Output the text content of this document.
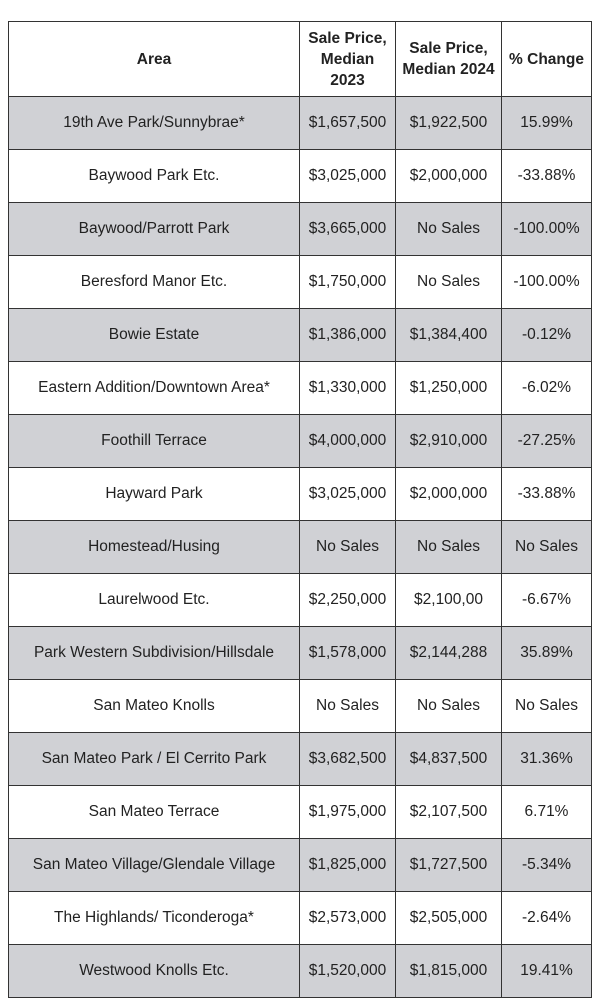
Area	Sale Price, Median 2023	Sale Price, Median 2024	% Change
19th Ave Park/Sunnybrae*	$1,657,500	$1,922,500	15.99%
Baywood Park Etc.	$3,025,000	$2,000,000	-33.88%
Baywood/Parrott Park	$3,665,000	No Sales	-100.00%
Beresford Manor Etc.	$1,750,000	No Sales	-100.00%
Bowie Estate	$1,386,000	$1,384,400	-0.12%
Eastern Addition/Downtown Area*	$1,330,000	$1,250,000	-6.02%
Foothill Terrace	$4,000,000	$2,910,000	-27.25%
Hayward Park	$3,025,000	$2,000,000	-33.88%
Homestead/Husing	No Sales	No Sales	No Sales
Laurelwood Etc.	$2,250,000	$2,100,00	-6.67%
Park Western Subdivision/Hillsdale	$1,578,000	$2,144,288	35.89%
San Mateo Knolls	No Sales	No Sales	No Sales
San Mateo Park / El Cerrito Park	$3,682,500	$4,837,500	31.36%
San Mateo Terrace	$1,975,000	$2,107,500	6.71%
San Mateo Village/Glendale Village	$1,825,000	$1,727,500	-5.34%
The Highlands/ Ticonderoga*	$2,573,000	$2,505,000	-2.64%
Westwood Knolls Etc.	$1,520,000	$1,815,000	19.41%
